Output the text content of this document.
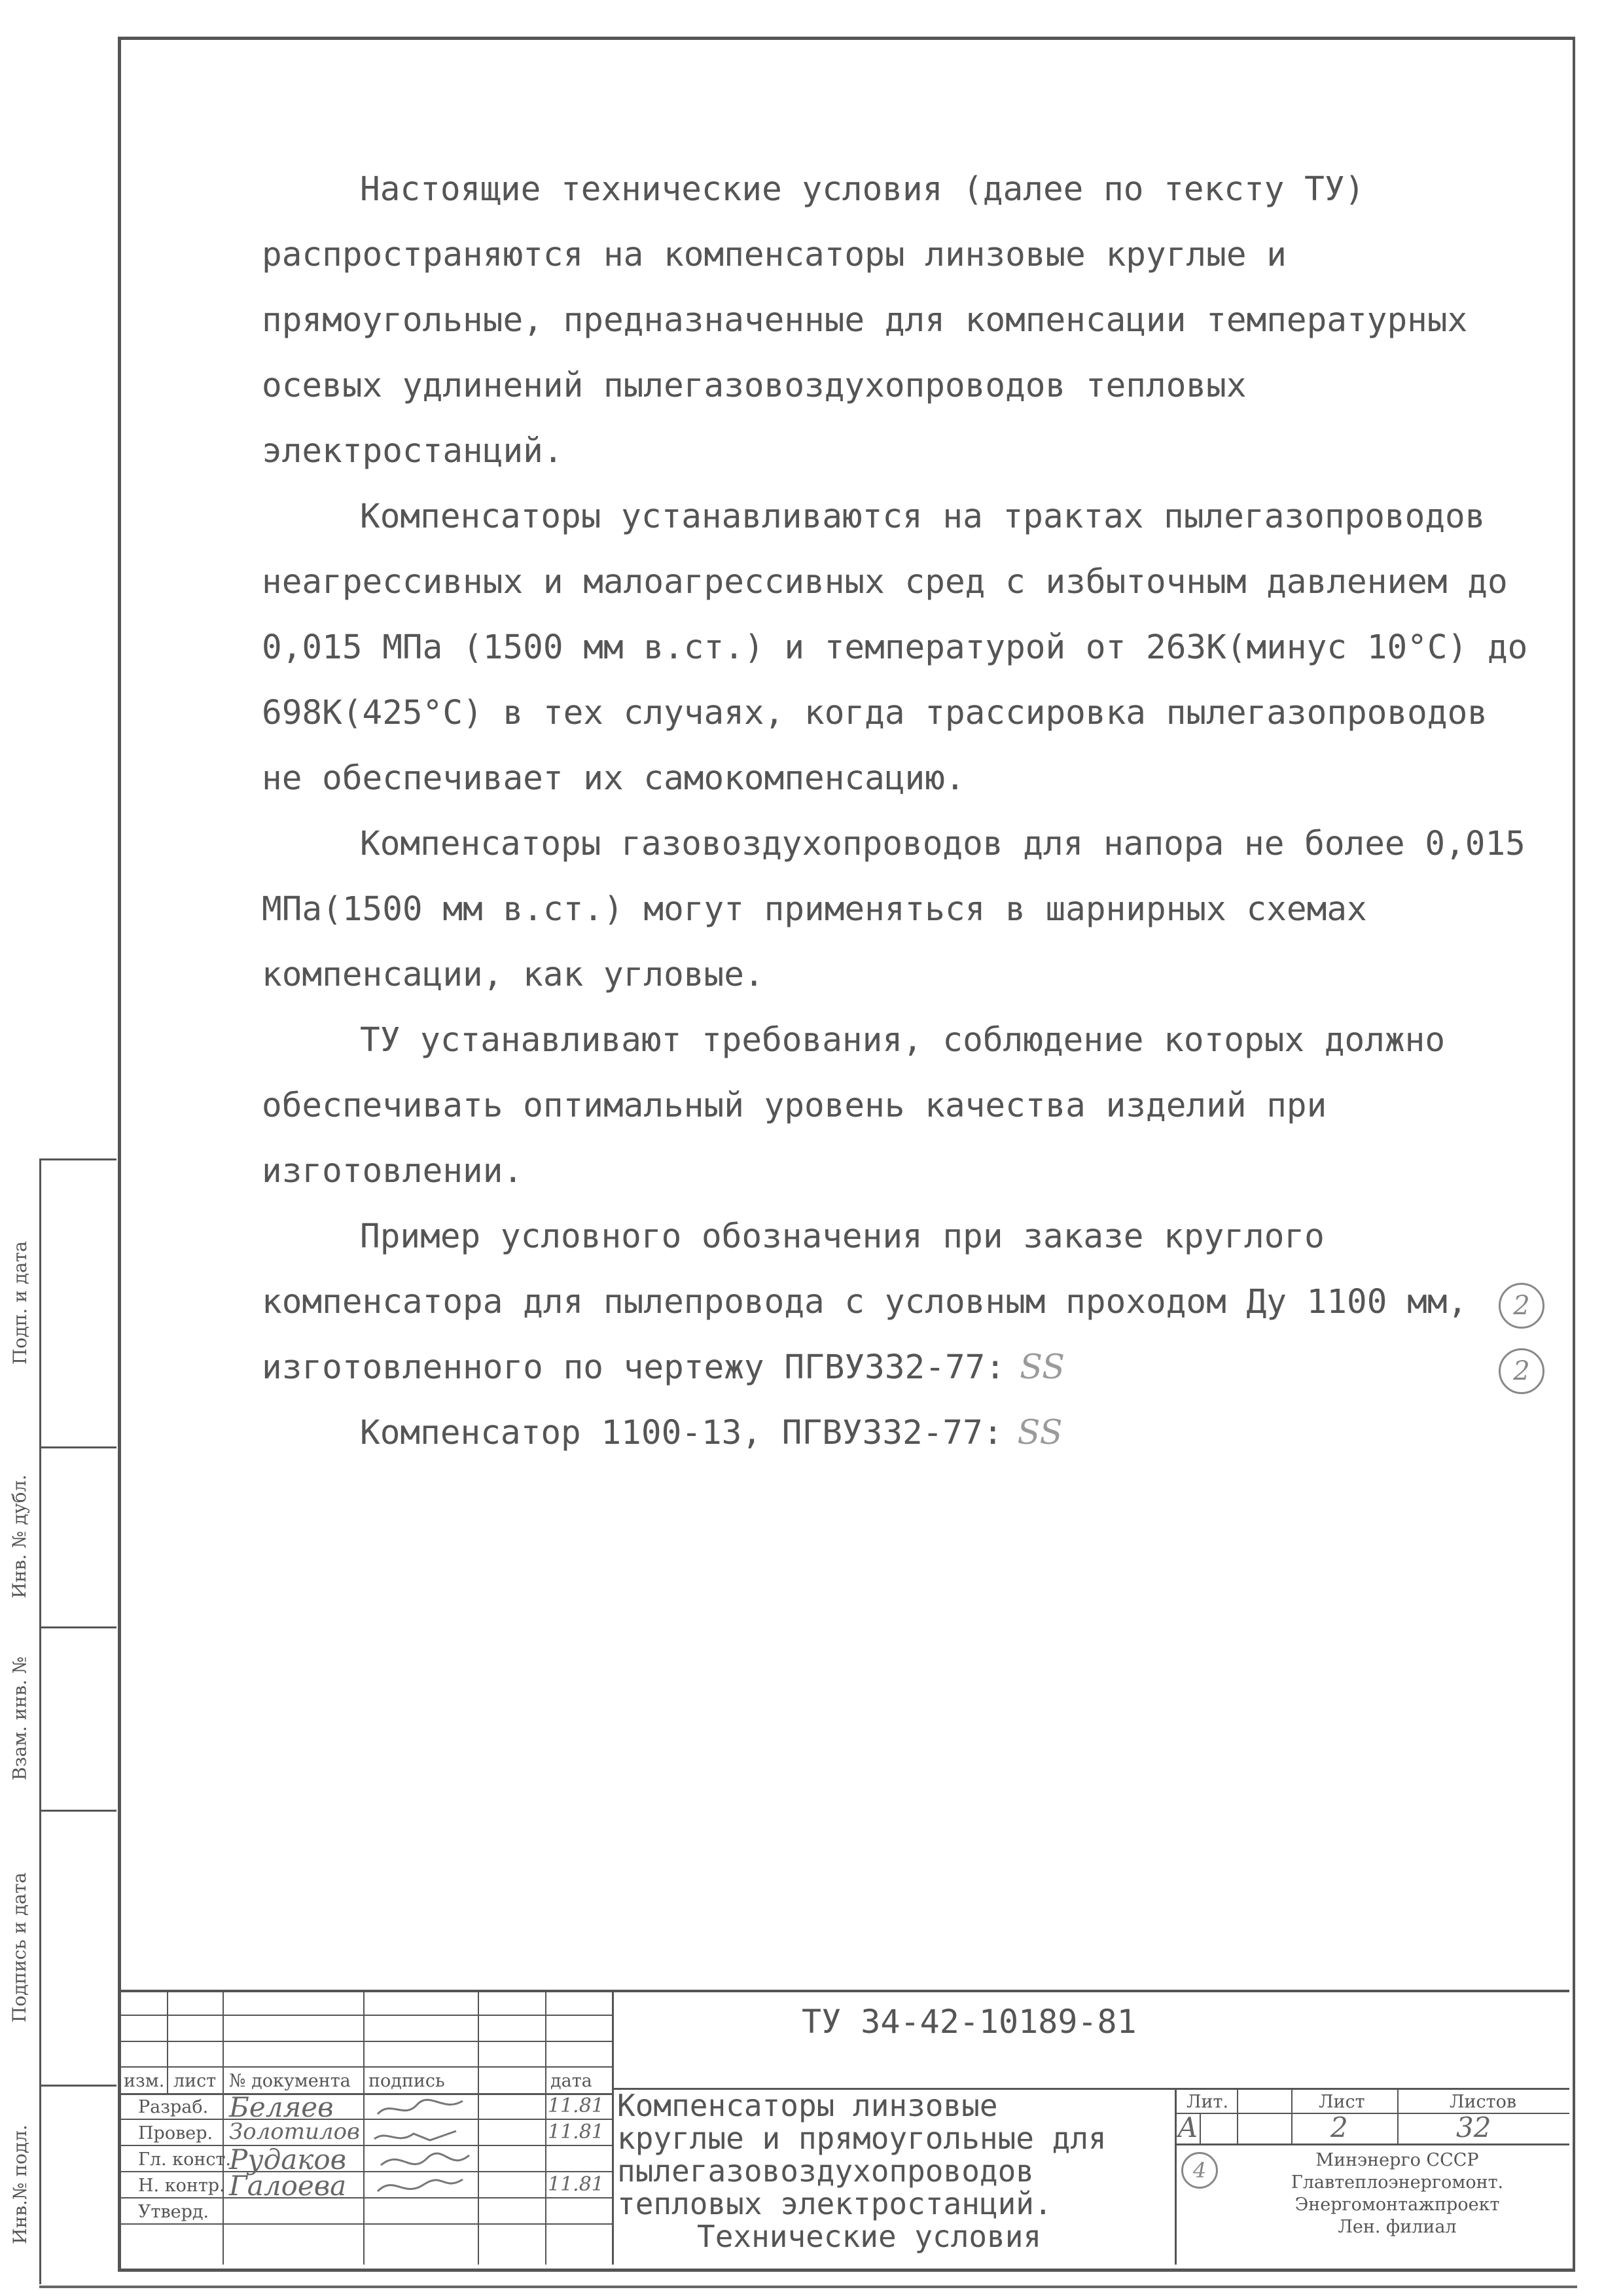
Настоящие технические условия (далее по тексту ТУ) распространяются на компенсаторы линзовые круглые и прямоугольные, предназначенные для компенсации температурных осевых удлинений пылегазовоздухопроводов тепловых электростанций.

Компенсаторы устанавливаются на трактах пылегазопроводов неагрессивных и малоагрессивных сред с избыточным давлением до 0,015 МПа (1500 мм в.ст.) и температурой от 263К(минус 10°С) до 698К(425°С) в тех случаях, когда трассировка пылегазопроводов не обеспечивает их самокомпенсацию.

Компенсаторы газовоздухопроводов для напора не более 0,015 МПа(1500 мм в.ст.) могут применяться в шарнирных схемах компенсации, как угловые.

ТУ устанавливают требования, соблюдение которых должно обеспечивать оптимальный уровень качества изделий при изготовлении.

Пример условного обозначения при заказе круглого компенсатора для пылепровода с условным проходом Ду 1100 мм, изготовленного по чертежу ПГВУ332-77: SS

Компенсатор 1100-13, ПГВУ332-77: SS

2
2
Подп. и дата
Инв. № дубл.
Взам. инв. №
Подпись и дата
Инв.№ подл.
ТУ 34-42-10189-81
изм. лист № документа подпись	дата
Разраб.
Провер.
Гл. конст.
Н. контр.
Утверд.
Беляев
Золотилов
Рудаков
Галоева
11.81
11.81
11.81
Компенсаторы линзовые
круглые и прямоугольные для
пылегазовоздухопроводов
тепловых электростанций.
Технические условия
Лит.
А
Лист
2
Листов
32
4	Минэнерго СССР
Главтеплоэнергомонт.
Энергомонтажпроект
Лен. филиал
